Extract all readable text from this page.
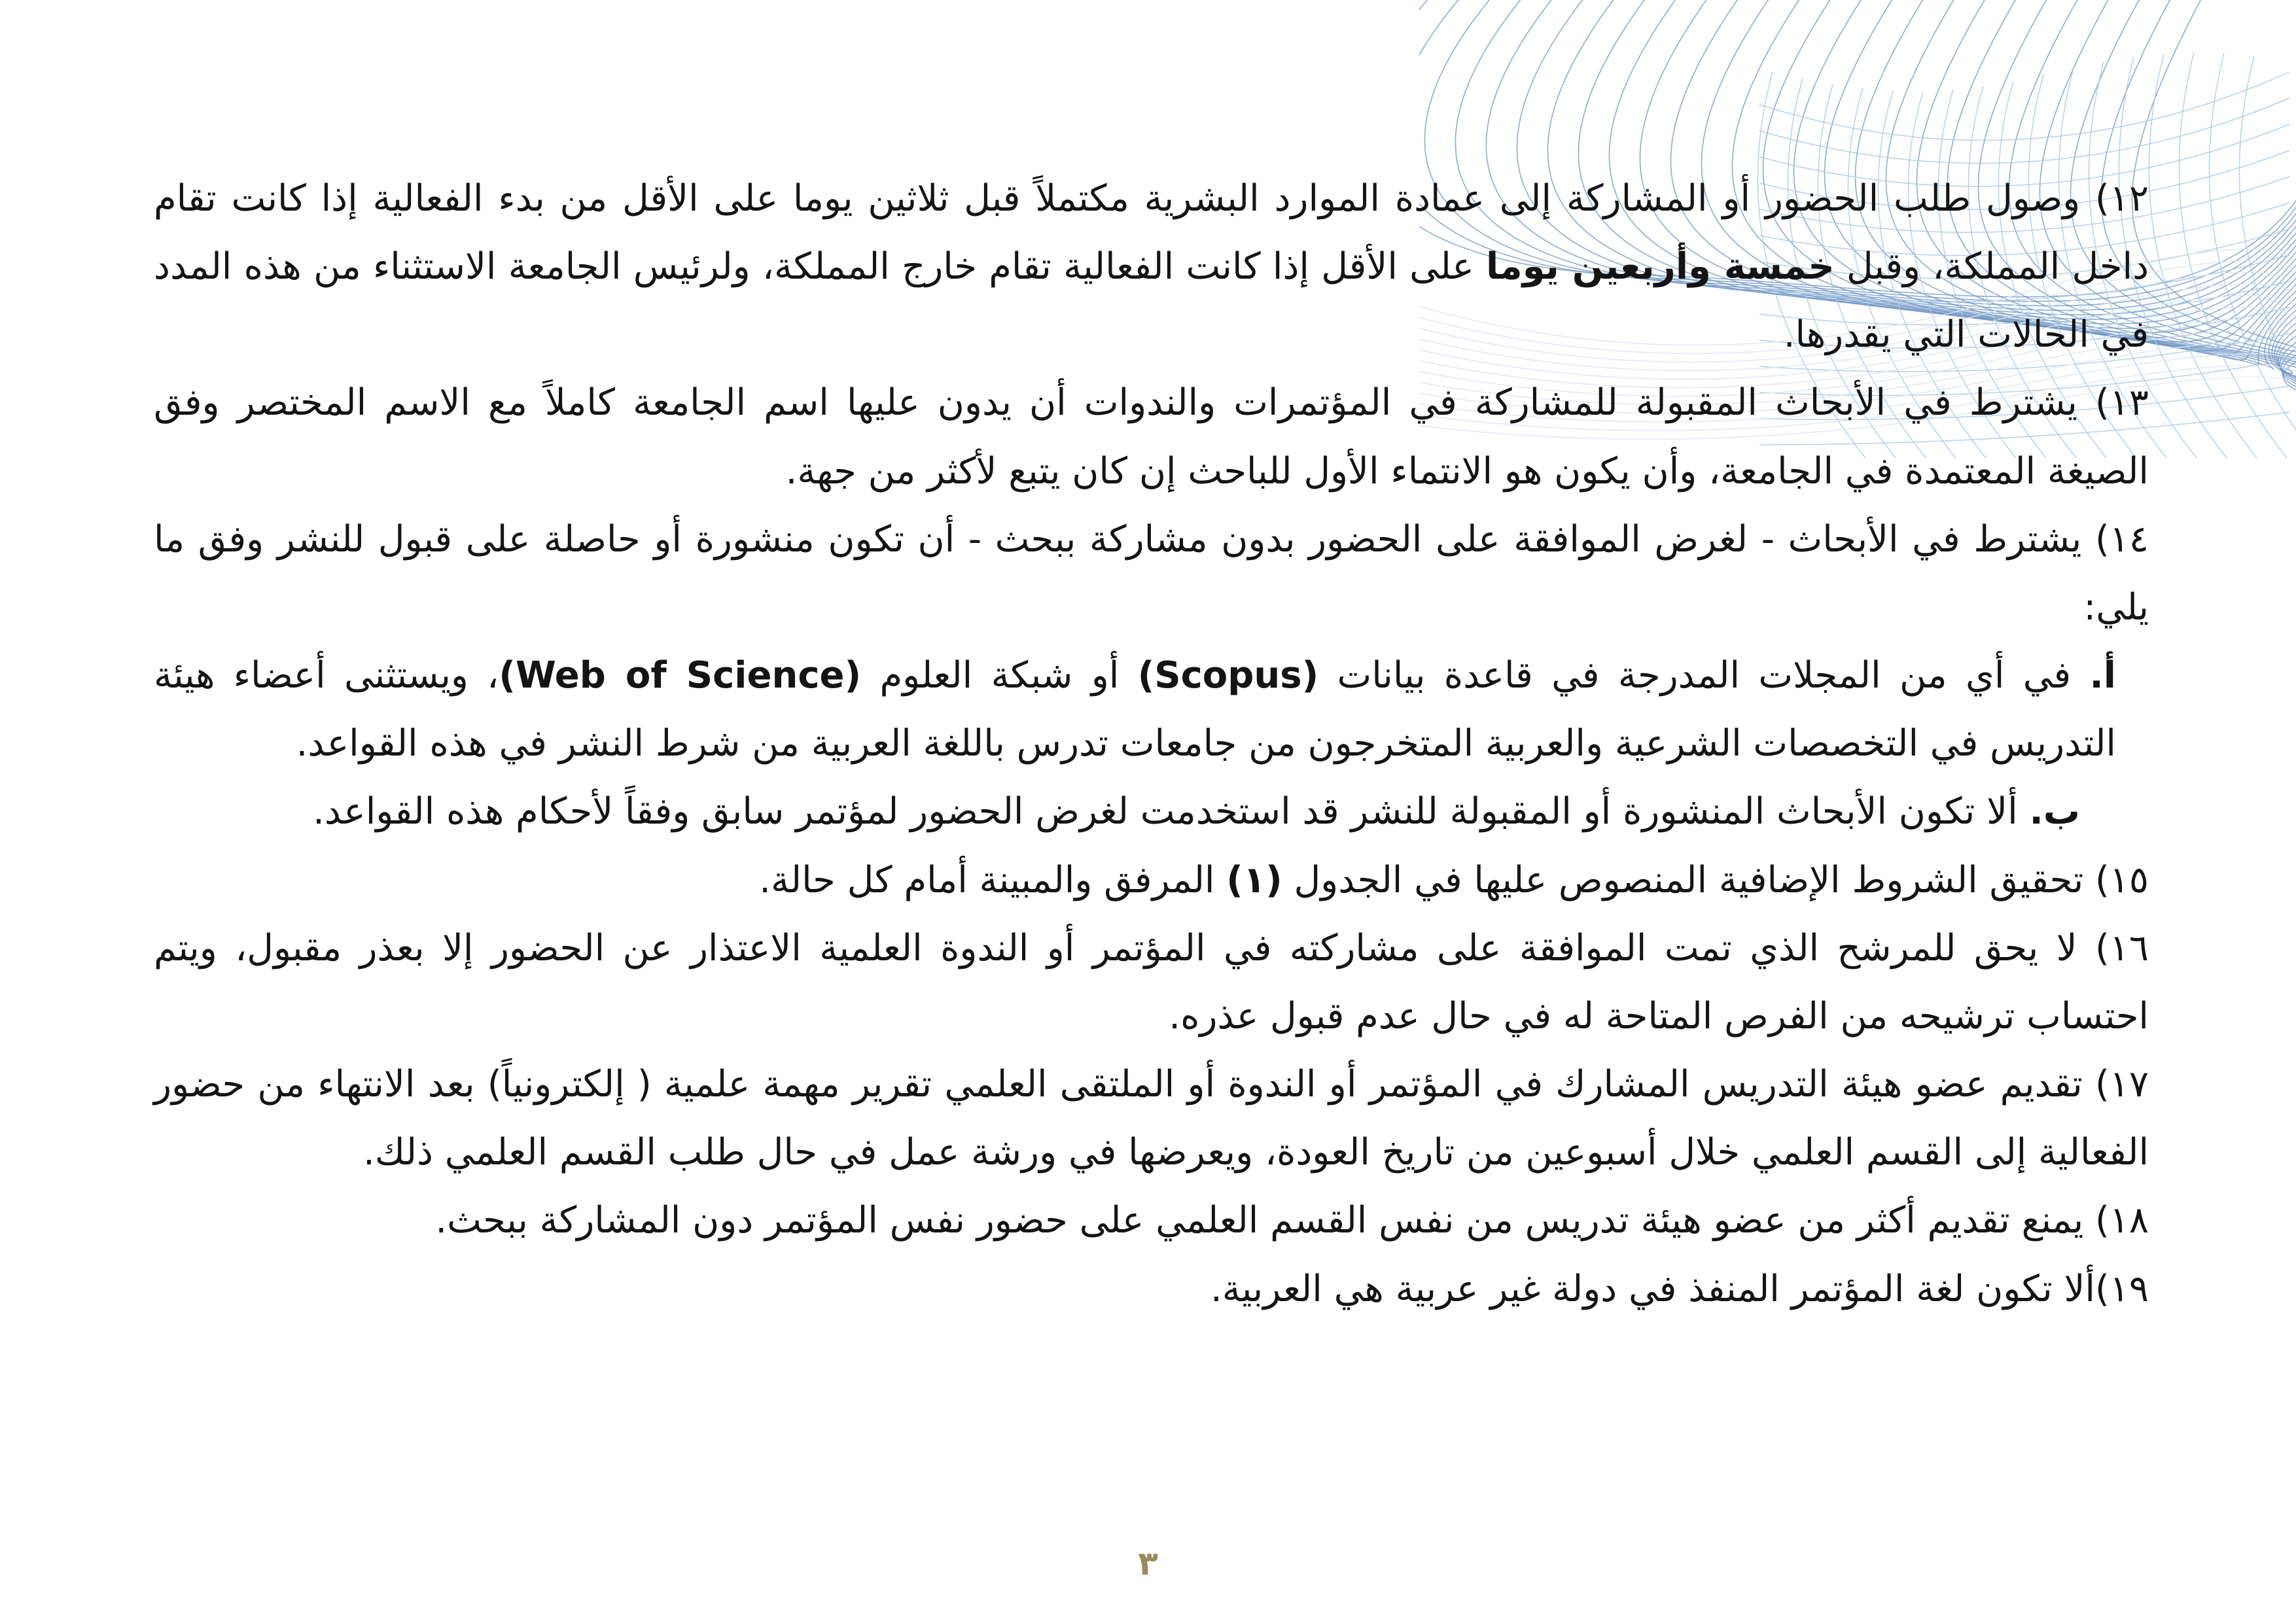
١٢) وصول طلب الحضور أو المشاركة إلى عمادة الموارد البشرية مكتملاً قبل ثلاثين يوما على الأقل من بدء الفعالية إذا كانت تقام داخل المملكة، وقبل خمسة وأربعين يوما على الأقل إذا كانت الفعالية تقام خارج المملكة، ولرئيس الجامعة الاستثناء من هذه المدد في الحالات التي يقدرها.

١٣) يشترط في الأبحاث المقبولة للمشاركة في المؤتمرات والندوات أن يدون عليها اسم الجامعة كاملاً مع الاسم المختصر وفق الصيغة المعتمدة في الجامعة، وأن يكون هو الانتماء الأول للباحث إن كان يتبع لأكثر من جهة.

١٤) يشترط في الأبحاث - لغرض الموافقة على الحضور بدون مشاركة ببحث - أن تكون منشورة أو حاصلة على قبول للنشر وفق ما يلي:

أ. في أي من المجلات المدرجة في قاعدة بيانات (Scopus) أو شبكة العلوم (Web of Science)، ويستثنى أعضاء هيئة التدريس في التخصصات الشرعية والعربية المتخرجون من جامعات تدرس باللغة العربية من شرط النشر في هذه القواعد.

ب. ألا تكون الأبحاث المنشورة أو المقبولة للنشر قد استخدمت لغرض الحضور لمؤتمر سابق وفقاً لأحكام هذه القواعد.

١٥) تحقيق الشروط الإضافية المنصوص عليها في الجدول (١) المرفق والمبينة أمام كل حالة.

١٦) لا يحق للمرشح الذي تمت الموافقة على مشاركته في المؤتمر أو الندوة العلمية الاعتذار عن الحضور إلا بعذر مقبول، ويتم احتساب ترشيحه من الفرص المتاحة له في حال عدم قبول عذره.

١٧) تقديم عضو هيئة التدريس المشارك في المؤتمر أو الندوة أو الملتقى العلمي تقرير مهمة علمية ( إلكترونياً) بعد الانتهاء من حضور الفعالية إلى القسم العلمي خلال أسبوعين من تاريخ العودة، ويعرضها في ورشة عمل في حال طلب القسم العلمي ذلك.

١٨) يمنع تقديم أكثر من عضو هيئة تدريس من نفس القسم العلمي على حضور نفس المؤتمر دون المشاركة ببحث.

١٩)ألا تكون لغة المؤتمر المنفذ في دولة غير عربية هي العربية.

٣
